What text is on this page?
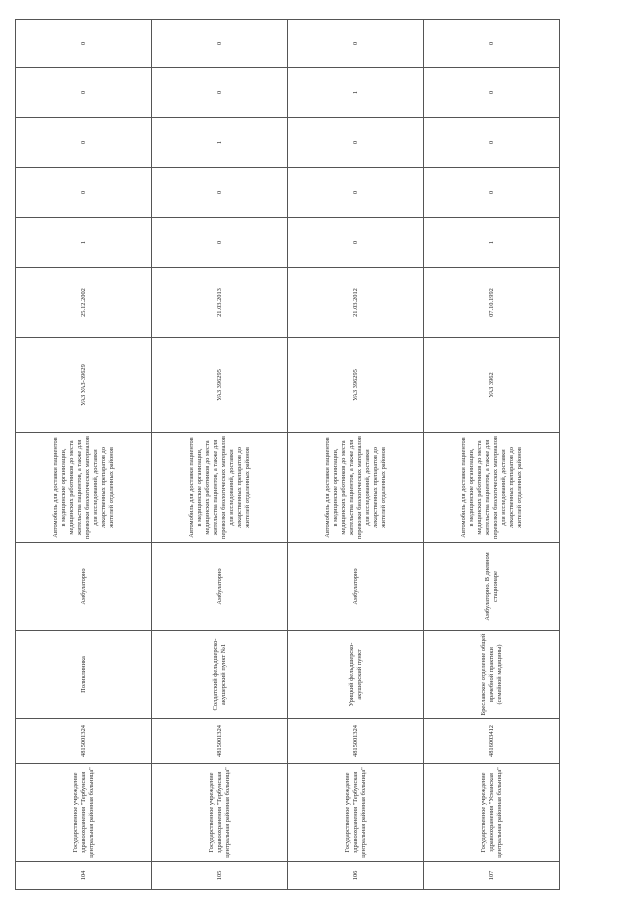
104	Государственное учреждение здравоохранения "Тербунская центральная районная больница"	4815001324	Поликлиника	Амбулаторно	Автомобиль для доставки пациентов в медицинские организации, медицинских работников до места жительства пациентов, а также для перевозки биологических материалов для исследований, доставки лекарственных препаратов до жителей отдаленных районов	УАЗ УАЗ-39629	25.12.2002	1	0	0	0	0
105	Государственное учреждение здравоохранения "Тербунская центральная районная больница"	4815001324	Солдатский фельдшерско-акушерский пункт №1	Амбулаторно	Автомобиль для доставки пациентов в медицинские организации, медицинских работников до места жительства пациентов, а также для перевозки биологических материалов для исследований, доставки лекарственных препаратов до жителей отдаленных районов	УАЗ 396295	21.03.2013	0	0	1	0	0
106	Государственное учреждение здравоохранения "Тербунская центральная районная больница"	4815001324	Урицкий фельдшерско-акушерский пункт	Амбулаторно	Автомобиль для доставки пациентов в медицинские организации, медицинских работников до места жительства пациентов, а также для перевозки биологических материалов для исследований, доставки лекарственных препаратов до жителей отдаленных районов	УАЗ 396295	21.03.2012	0	0	0	1	0
107	Государственное учреждение здравоохранения "Усманская центральная районная больница"	4816003412	Бреславское отделение общей врачебной практики (семейной медицины)	Амбулаторно. В дневном стационаре	Автомобиль для доставки пациентов в медицинские организации, медицинских работников до места жительства пациентов, а также для перевозки биологических материалов для исследований, доставки лекарственных препаратов до жителей отдаленных районов	УАЗ 3962	07.10.1992	1	0	0	0	0
